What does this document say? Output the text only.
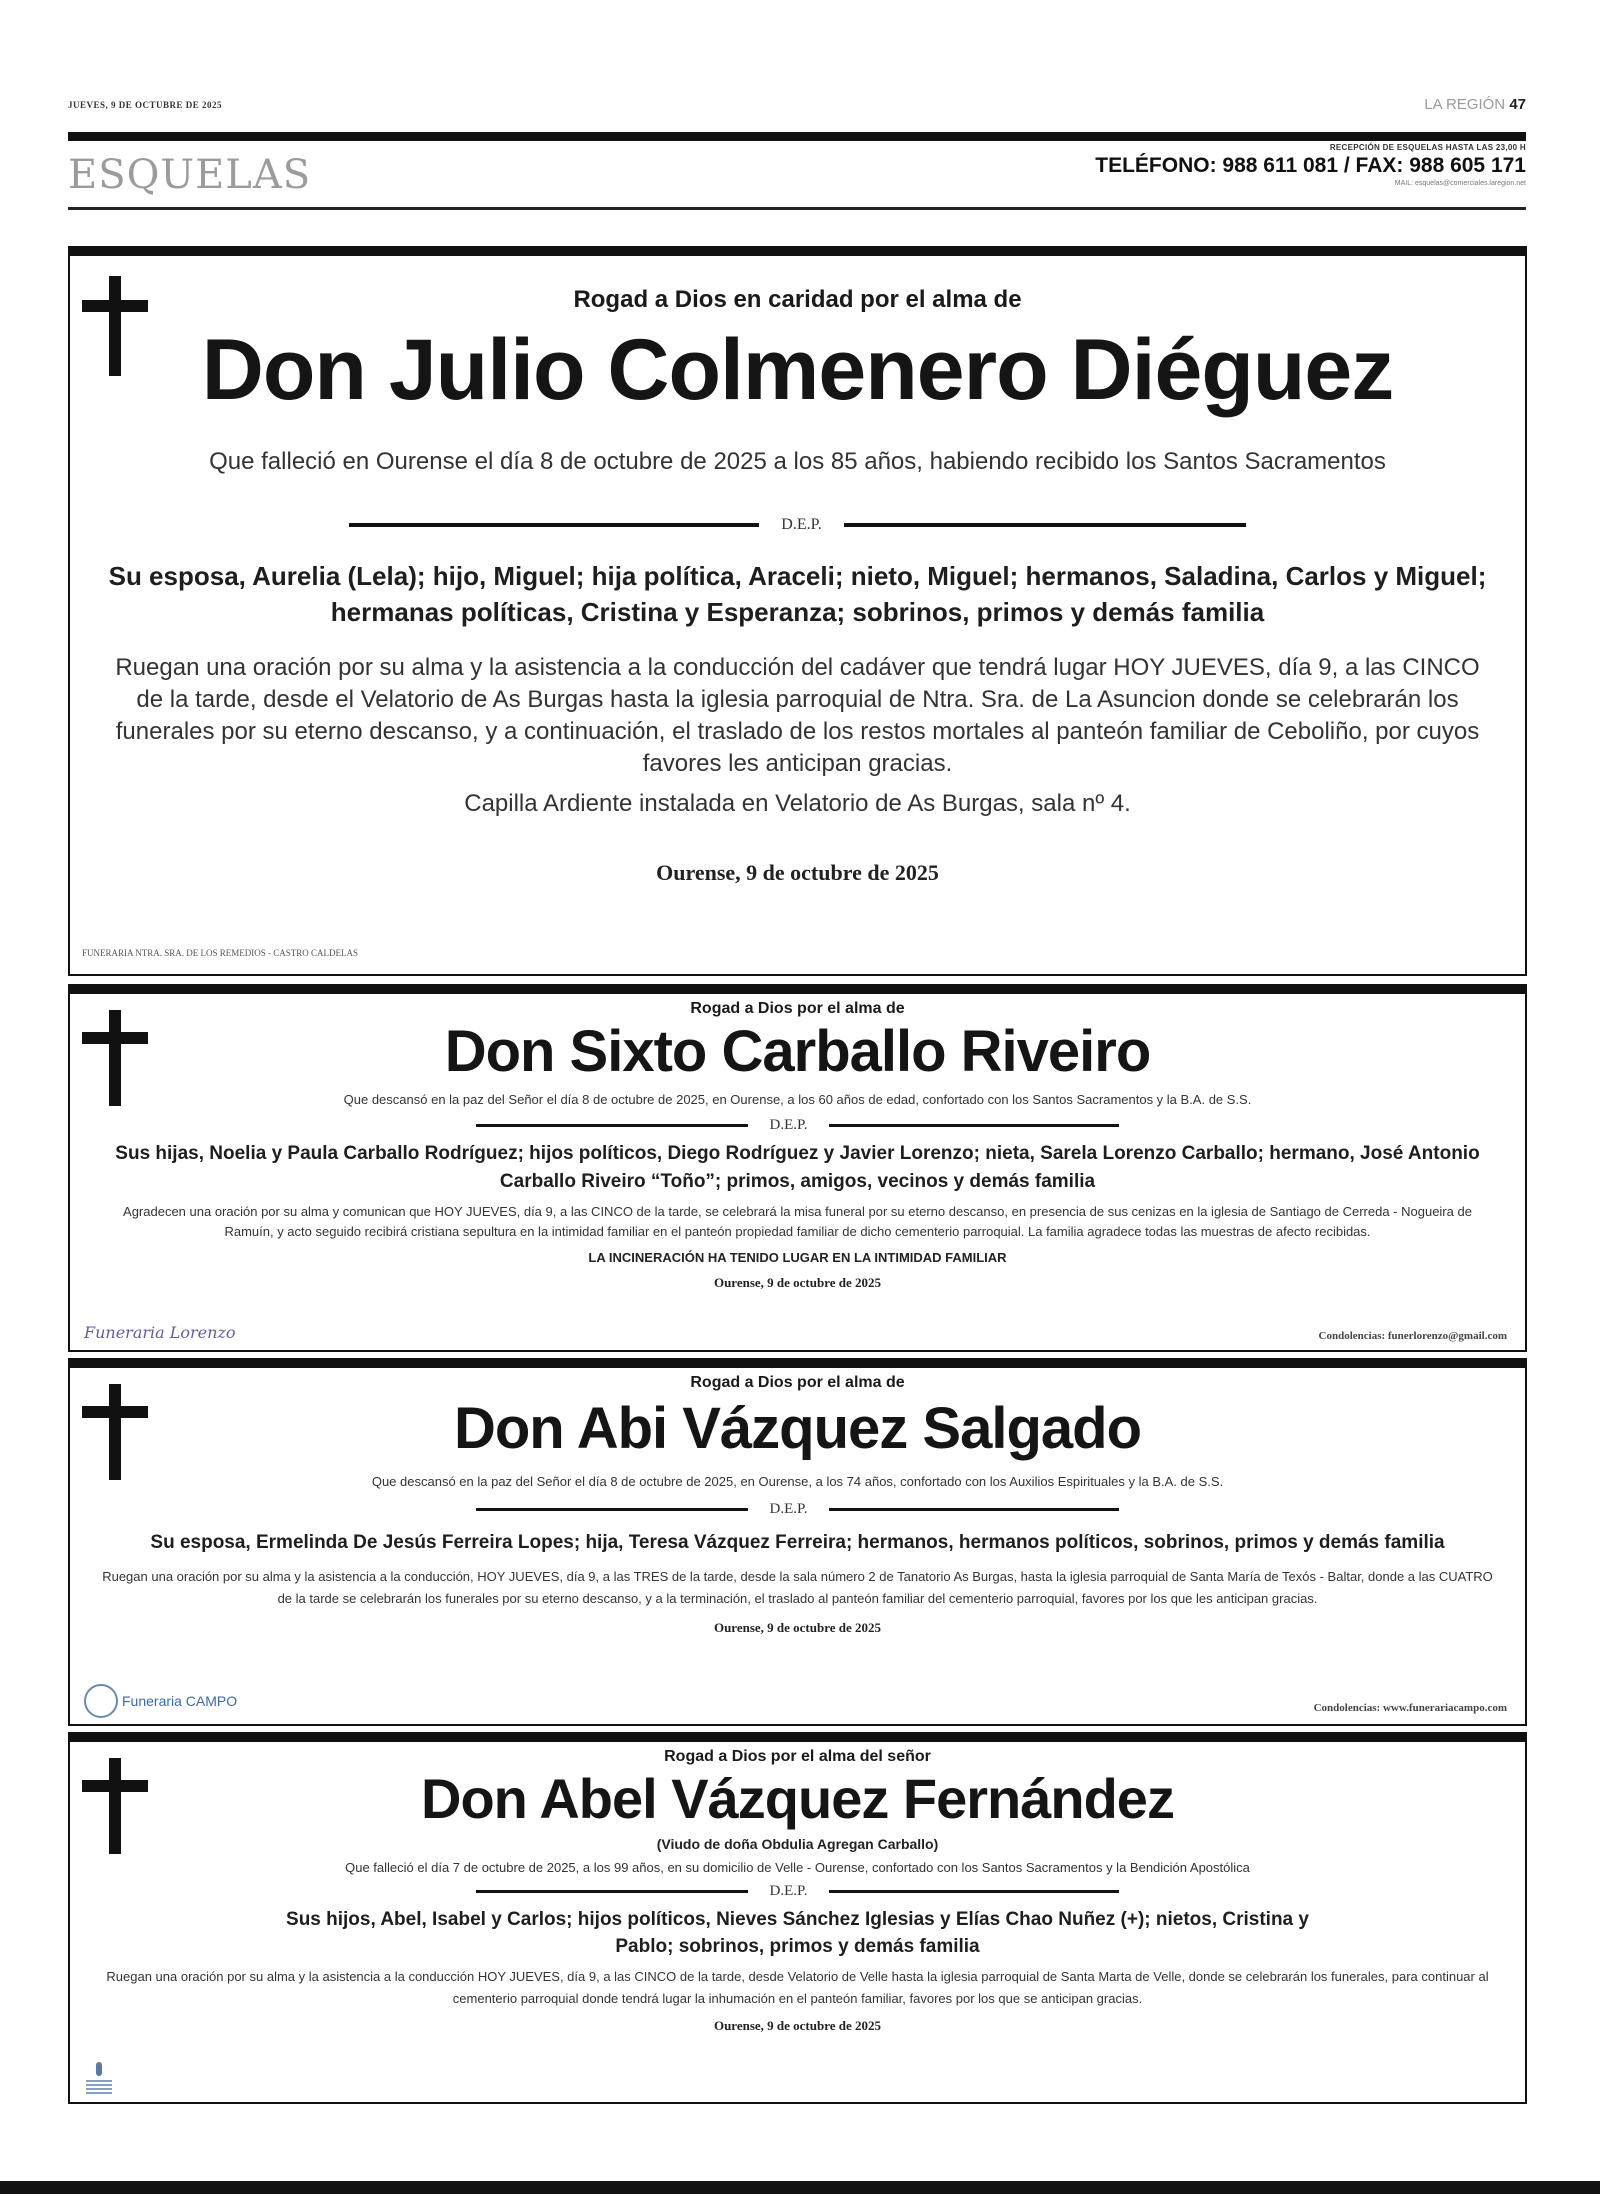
JUEVES, 9 DE OCTUBRE DE 2025	LA REGIÓN 47
ESQUELAS
RECEPCIÓN DE ESQUELAS HASTA LAS 23,00 H
TELÉFONO: 988 611 081 / FAX: 988 605 171
MAIL: esquelas@comerciales.laregion.net
Rogad a Dios en caridad por el alma de
Don Julio Colmenero Diéguez
Que falleció en Ourense el día 8 de octubre de 2025 a los 85 años, habiendo recibido los Santos Sacramentos
D.E.P.
Su esposa, Aurelia (Lela); hijo, Miguel; hija política, Araceli; nieto, Miguel; hermanos, Saladina, Carlos y Miguel; hermanas políticas, Cristina y Esperanza; sobrinos, primos y demás familia
Ruegan una oración por su alma y la asistencia a la conducción del cadáver que tendrá lugar HOY JUEVES, día 9, a las CINCO de la tarde, desde el Velatorio de As Burgas hasta la iglesia parroquial de Ntra. Sra. de La Asuncion donde se celebrarán los funerales por su eterno descanso, y a continuación, el traslado de los restos mortales al panteón familiar de Ceboliño, por cuyos favores les anticipan gracias.
Capilla Ardiente instalada en Velatorio de As Burgas, sala nº 4.
Ourense, 9 de octubre de 2025
FUNERARIA NTRA. SRA. DE LOS REMEDIOS - CASTRO CALDELAS
Rogad a Dios por el alma de
Don Sixto Carballo Riveiro
Que descansó en la paz del Señor el día 8 de octubre de 2025, en Ourense, a los 60 años de edad, confortado con los Santos Sacramentos y la B.A. de S.S.
D.E.P.
Sus hijas, Noelia y Paula Carballo Rodríguez; hijos políticos, Diego Rodríguez y Javier Lorenzo; nieta, Sarela Lorenzo Carballo; hermano, José Antonio Carballo Riveiro “Toño”; primos, amigos, vecinos y demás familia
Agradecen una oración por su alma y comunican que HOY JUEVES, día 9, a las CINCO de la tarde, se celebrará la misa funeral por su eterno descanso, en presencia de sus cenizas en la iglesia de Santiago de Cerreda - Nogueira de Ramuín, y acto seguido recibirá cristiana sepultura en la intimidad familiar en el panteón propiedad familiar de dicho cementerio parroquial. La familia agradece todas las muestras de afecto recibidas.
LA INCINERACIÓN HA TENIDO LUGAR EN LA INTIMIDAD FAMILIAR
Ourense, 9 de octubre de 2025
Funeraria Lorenzo	Condolencias: funerlorenzo@gmail.com
Rogad a Dios por el alma de
Don Abi Vázquez Salgado
Que descansó en la paz del Señor el día 8 de octubre de 2025, en Ourense, a los 74 años, confortado con los Auxilios Espirituales y la B.A. de S.S.
D.E.P.
Su esposa, Ermelinda De Jesús Ferreira Lopes; hija, Teresa Vázquez Ferreira; hermanos, hermanos políticos, sobrinos, primos y demás familia
Ruegan una oración por su alma y la asistencia a la conducción, HOY JUEVES, día 9, a las TRES de la tarde, desde la sala número 2 de Tanatorio As Burgas, hasta la iglesia parroquial de Santa María de Texós - Baltar, donde a las CUATRO de la tarde se celebrarán los funerales por su eterno descanso, y a la terminación, el traslado al panteón familiar del cementerio parroquial, favores por los que les anticipan gracias.
Ourense, 9 de octubre de 2025
Funeraria CAMPO	Condolencias: www.funerariacampo.com
Rogad a Dios por el alma del señor
Don Abel Vázquez Fernández
(Viudo de doña Obdulia Agregan Carballo)
Que falleció el día 7 de octubre de 2025, a los 99 años, en su domicilio de Velle - Ourense, confortado con los Santos Sacramentos y la Bendición Apostólica
D.E.P.
Sus hijos, Abel, Isabel y Carlos; hijos políticos, Nieves Sánchez Iglesias y Elías Chao Nuñez (+); nietos, Cristina y Pablo; sobrinos, primos y demás familia
Ruegan una oración por su alma y la asistencia a la conducción HOY JUEVES, día 9, a las CINCO de la tarde, desde Velatorio de Velle hasta la iglesia parroquial de Santa Marta de Velle, donde se celebrarán los funerales, para continuar al cementerio parroquial donde tendrá lugar la inhumación en el panteón familiar, favores por los que se anticipan gracias.
Ourense, 9 de octubre de 2025
